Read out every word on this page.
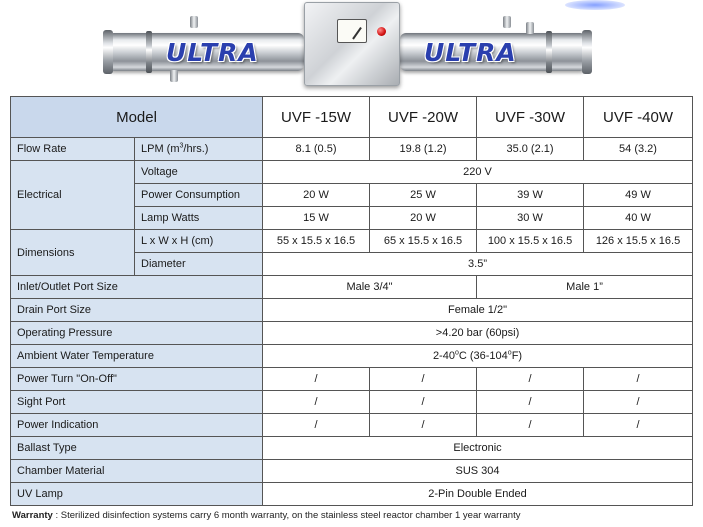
ULTRA	ULTRA
Model		UVF -15W	UVF -20W	UVF -30W	UVF -40W
Flow Rate	LPM $(m^3/hrs.)$	8.1 (0.5)	19.8 (1.2)	35.0 (2.1)	54 (3.2)
Electrical	Voltage	220 V			
	Power Consumption	20 W	25 W	39 W	49 W
	Lamp Watts	15 W	20 W	30 W	40 W
Dimensions	L x W x H (cm)	55 x 15.5 x 16.5	65 x 15.5 x 16.5	100 x 15.5 x 16.5	126 x 15.5 x 16.5
	Diameter	3.5”			
Inlet/Outlet Port Size		Male 3/4"		Male 1”	
Drain Port Size		Female 1/2"			
Operating Pressure		>4.20 bar (60psi)			
Ambient Water Temperature		2-40$^o$C (36-104$^o$F)			
Power Turn "On-Off"		/	/	/	/
Sight Port		/	/	/	/
Power Indication		/	/	/	/
Ballast Type		Electronic			
Chamber Material		SUS 304			
UV Lamp		2-Pin Double Ended			
Warranty : Sterilized disinfection systems carry 6 month warranty, on the stainless steel reactor chamber 1 year warranty
